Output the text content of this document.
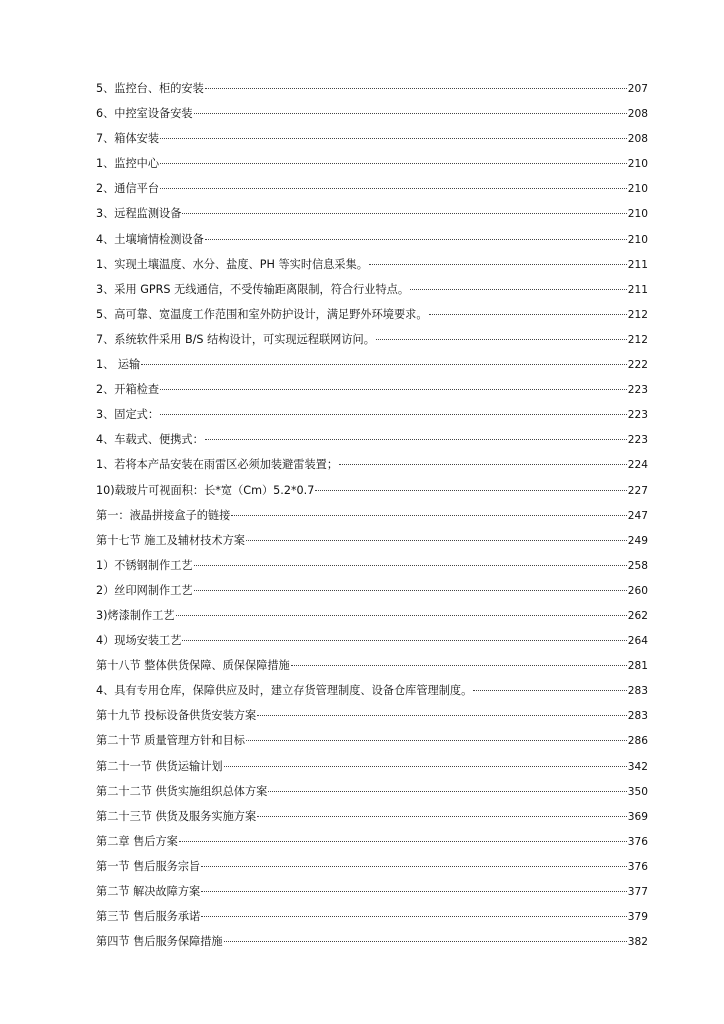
5、监控台、柜的安装	207
6、中控室设备安装	208
7、箱体安装	208
1、监控中心	210
2、通信平台	210
3、远程监测设备	210
4、土壤墒情检测设备	210
1、实现土壤温度、水分、盐度、PH 等实时信息采集。	211
3、采用 GPRS 无线通信，不受传输距离限制，符合行业特点。	211
5、高可靠、宽温度工作范围和室外防护设计，满足野外环境要求。	212
7、系统软件采用 B/S 结构设计，可实现远程联网访问。	212
1、 运输	222
2、开箱检查	223
3、固定式：	223
4、车载式、便携式：	223
1、若将本产品安装在雨雷区必须加装避雷装置；	224
10)载玻片可视面积：长*宽（Cm）5.2*0.7	227
第一：液晶拼接盒子的链接	247
第十七节 施工及辅材技术方案	249
1）不锈钢制作工艺	258
2）丝印网制作工艺	260
3)烤漆制作工艺	262
4）现场安装工艺	264
第十八节 整体供货保障、质保保障措施	281
4、具有专用仓库，保障供应及时，建立存货管理制度、设备仓库管理制度。	283
第十九节 投标设备供货安装方案	283
第二十节 质量管理方针和目标	286
第二十一节 供货运输计划	342
第二十二节 供货实施组织总体方案	350
第二十三节 供货及服务实施方案	369
第二章 售后方案	376
第一节 售后服务宗旨	376
第二节 解决故障方案	377
第三节 售后服务承诺	379
第四节 售后服务保障措施	382
